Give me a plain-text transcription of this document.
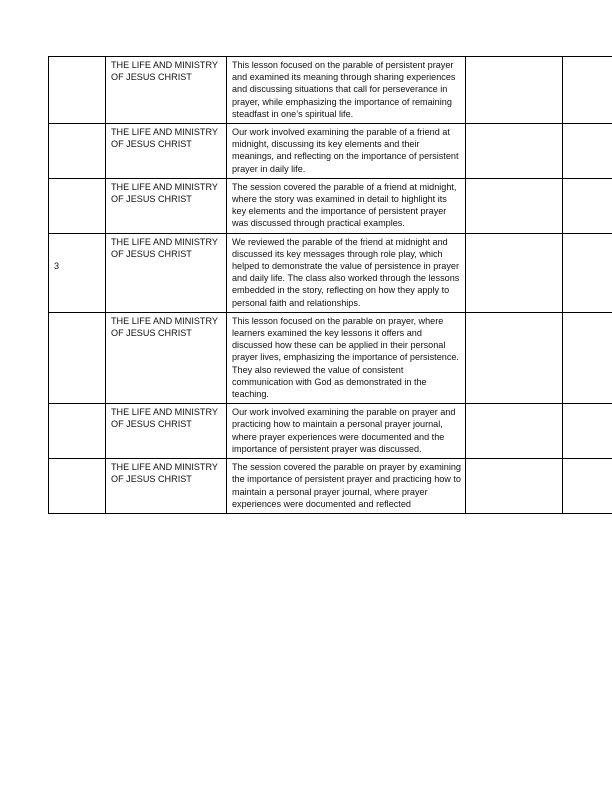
	THE LIFE AND MINISTRY OF JESUS CHRIST	This lesson focused on the parable of persistent prayer and examined its meaning through sharing experiences and discussing situations that call for perseverance in prayer, while emphasizing the importance of remaining steadfast in one’s spiritual life.		

	THE LIFE AND MINISTRY OF JESUS CHRIST	Our work involved examining the parable of a friend at midnight, discussing its key elements and their meanings, and reflecting on the importance of persistent prayer in daily life.		

	THE LIFE AND MINISTRY OF JESUS CHRIST	The session covered the parable of a friend at midnight, where the story was examined in detail to highlight its key elements and the importance of persistent prayer was discussed through practical examples.		

3	THE LIFE AND MINISTRY OF JESUS CHRIST	We reviewed the parable of the friend at midnight and discussed its key messages through role play, which helped to demonstrate the value of persistence in prayer and daily life. The class also worked through the lessons embedded in the story, reflecting on how they apply to personal faith and relationships.		

	THE LIFE AND MINISTRY OF JESUS CHRIST	This lesson focused on the parable on prayer, where learners examined the key lessons it offers and discussed how these can be applied in their personal prayer lives, emphasizing the importance of persistence. They also reviewed the value of consistent communication with God as demonstrated in the teaching.		

	THE LIFE AND MINISTRY OF JESUS CHRIST	Our work involved examining the parable on prayer and practicing how to maintain a personal prayer journal, where prayer experiences were documented and the importance of persistent prayer was discussed.		

	THE LIFE AND MINISTRY OF JESUS CHRIST	The session covered the parable on prayer by examining the importance of persistent prayer and practicing how to maintain a personal prayer journal, where prayer experiences were documented and reflected		
